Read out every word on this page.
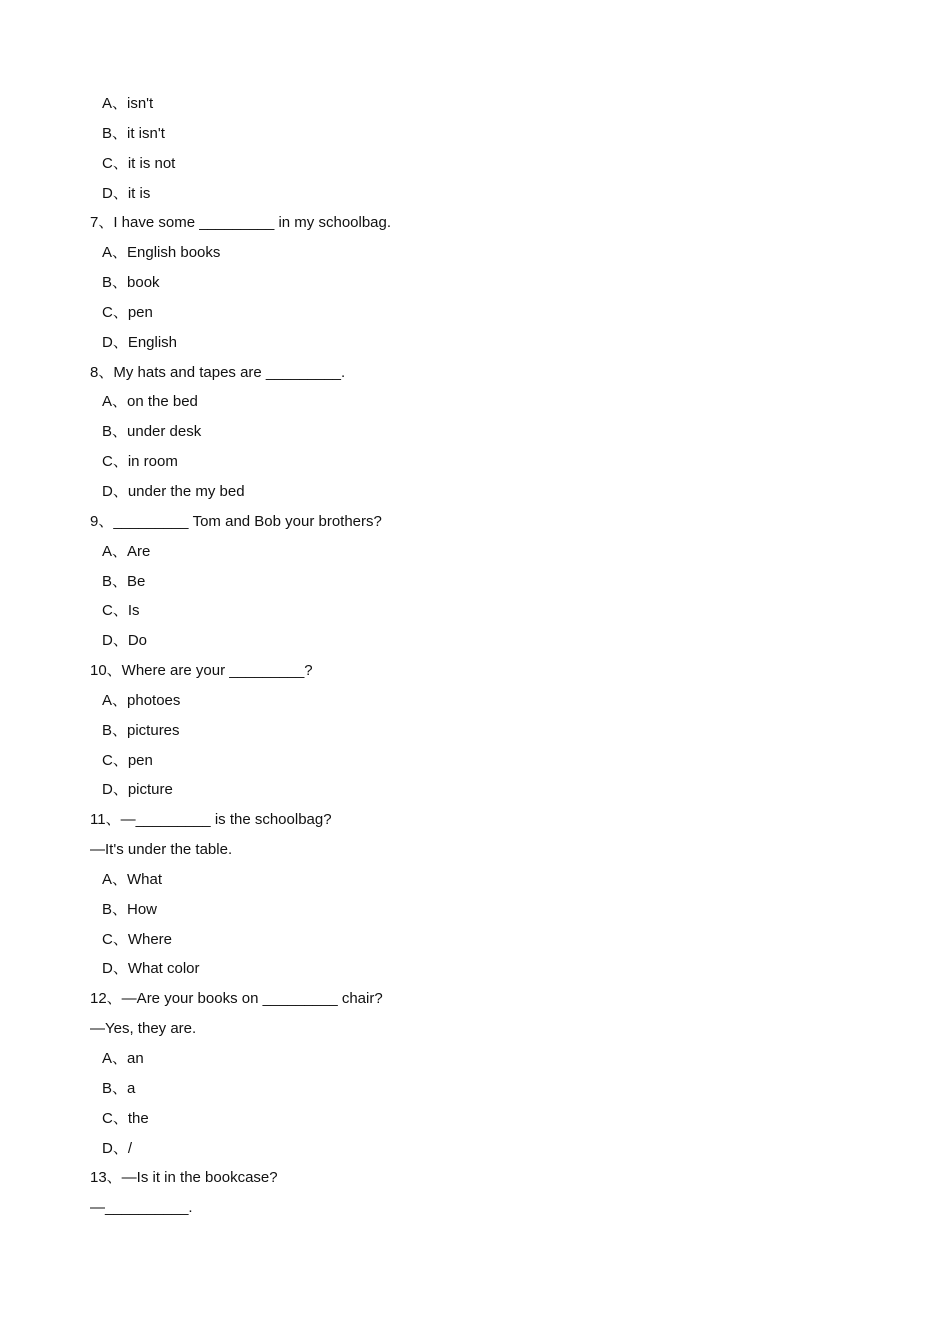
A、isn't
B、it isn't
C、it is not
D、it is
7、I have some _________ in my schoolbag.
A、English books
B、book
C、pen
D、English
8、My hats and tapes are _________.
A、on the bed
B、under desk
C、in room
D、under the my bed
9、_________ Tom and Bob your brothers?
A、Are
B、Be
C、Is
D、Do
10、Where are your _________?
A、photoes
B、pictures
C、pen
D、picture
11、—_________ is the schoolbag?
—It's under the table.
A、What
B、How
C、Where
D、What color
12、—Are your books on _________ chair?
—Yes, they are.
A、an
B、a
C、the
D、/
13、—Is it in the bookcase?
—__________.
